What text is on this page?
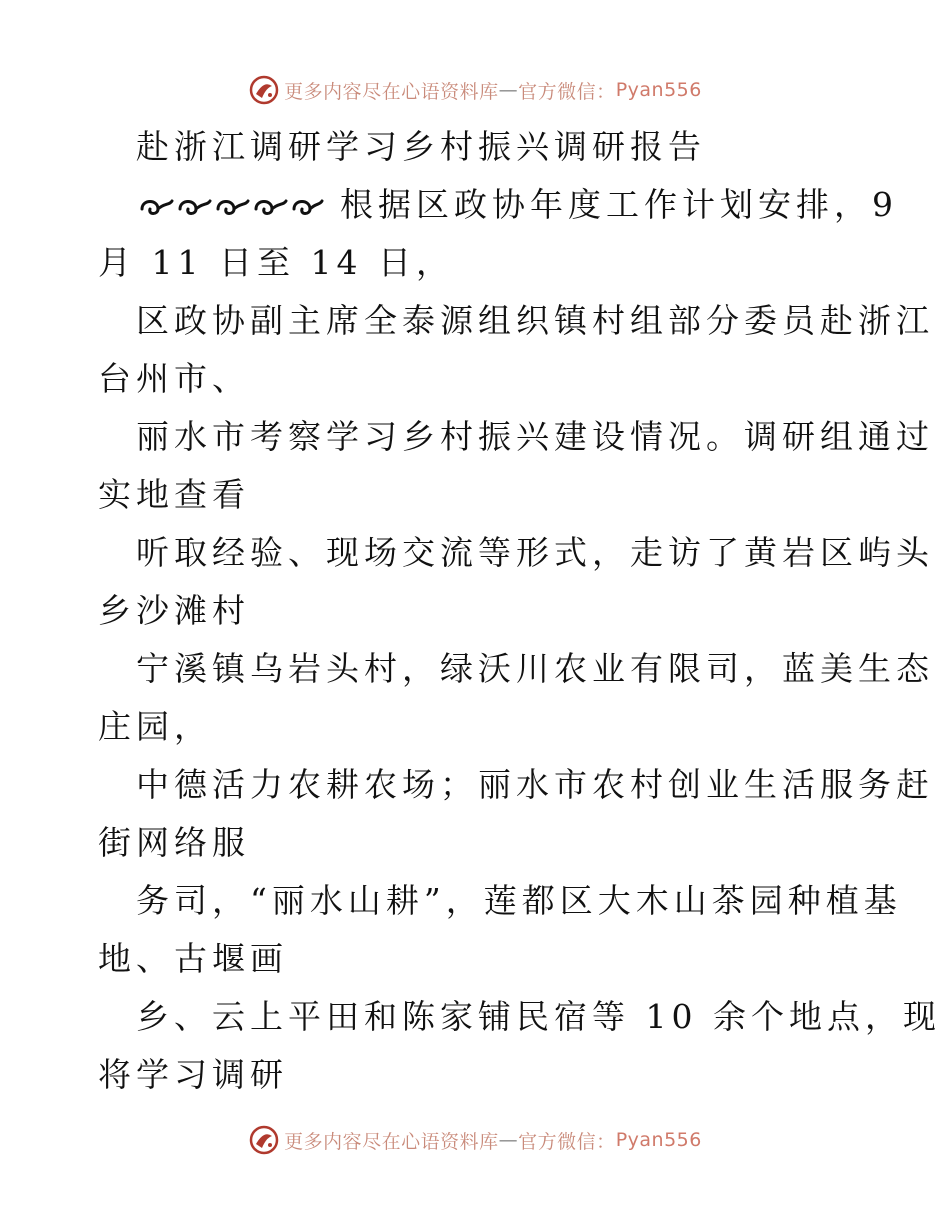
更多内容尽在心语资料库 — 官方微信： Pyan556
赴浙江调研学习乡村振兴调研报告
根据区政协年度工作计划安排，9
月 11 日至 14 日，
区政协副主席全泰源组织镇村组部分委员赴浙江
台州市、
丽水市考察学习乡村振兴建设情况。调研组通过
实地查看
听取经验、现场交流等形式，走访了黄岩区屿头
乡沙滩村
宁溪镇乌岩头村，绿沃川农业有限司，蓝美生态
庄园，
中德活力农耕农场；丽水市农村创业生活服务赶
街网络服
务司，“丽水山耕”，莲都区大木山茶园种植基
地、古堰画
乡、云上平田和陈家铺民宿等 10 余个地点，现
将学习调研
更多内容尽在心语资料库 — 官方微信： Pyan556
